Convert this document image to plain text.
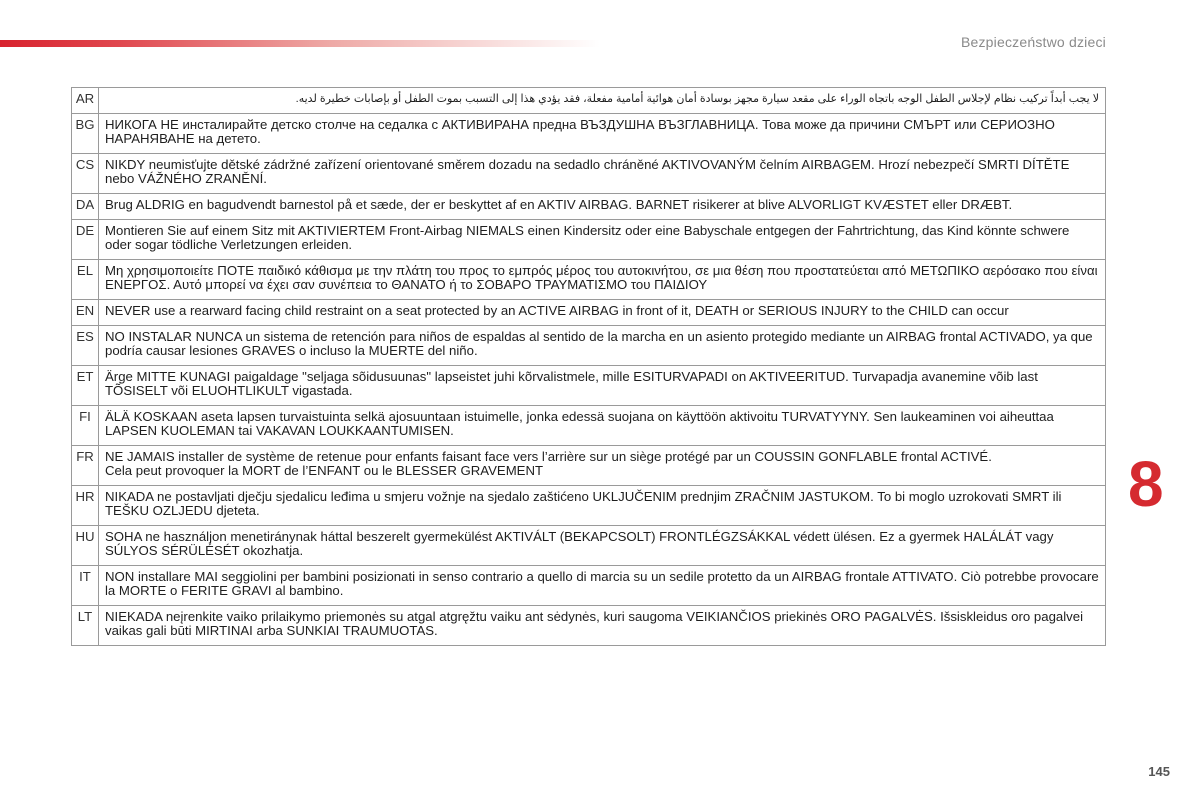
Bezpieczeństwo dzieci
AR	لا يجب أبداً تركيب نظام لإجلاس الطفل الوجه باتجاه الوراء على مقعد سيارة مجهز بوسادة أمان هوائية أمامية مفعلة، فقد يؤدي هذا إلى التسبب بموت الطفل أو بإصابات خطيرة لديه.
BG	НИКОГА НЕ инсталирайте детско столче на седалка с АКТИВИРАНА предна ВЪЗДУШНА ВЪЗГЛАВНИЦА. Това може да причини СМЪРТ или СЕРИОЗНО НАРАНЯВАНЕ на детето.
CS	NIKDY neumisťujte dětské zádržné zařízení orientované směrem dozadu na sedadlo chráněné AKTIVOVANÝM čelním AIRBAGEM. Hrozí nebezpečí SMRTI DÍTĚTE nebo VÁŽNÉHO ZRANĚNÍ.
DA	Brug ALDRIG en bagudvendt barnestol på et sæde, der er beskyttet af en AKTIV AIRBAG. BARNET risikerer at blive ALVORLIGT KVÆSTET eller DRÆBT.
DE	Montieren Sie auf einem Sitz mit AKTIVIERTEM Front-Airbag NIEMALS einen Kindersitz oder eine Babyschale entgegen der Fahrtrichtung, das Kind könnte schwere oder sogar tödliche Verletzungen erleiden.
EL	Μη χρησιμοποιείτε ΠΟΤΕ παιδικό κάθισμα με την πλάτη του προς το εμπρός μέρος του αυτοκινήτου, σε μια θέση που προστατεύεται από ΜΕΤΩΠΙΚΟ αερόσακο που είναι ΕΝΕΡΓΟΣ. Αυτό μπορεί να έχει σαν συνέπεια το ΘΑΝΑΤΟ ή το ΣΟΒΑΡΟ ΤΡΑΥΜΑΤΙΣΜΟ του ΠΑΙΔΙΟΥ
EN	NEVER use a rearward facing child restraint on a seat protected by an ACTIVE AIRBAG in front of it, DEATH or SERIOUS INJURY to the CHILD can occur
ES	NO INSTALAR NUNCA un sistema de retención para niños de espaldas al sentido de la marcha en un asiento protegido mediante un AIRBAG frontal ACTIVADO, ya que podría causar lesiones GRAVES o incluso la MUERTE del niño.
ET	Ärge MITTE KUNAGI paigaldage "seljaga sõidusuunas" lapseistet juhi kõrvalistmele, mille ESITURVAPADI on AKTIVEERITUD. Turvapadja avanemine võib last TÕSISELT või ELUOHTLIKULT vigastada.
FI	ÄLÄ KOSKAAN aseta lapsen turvaistuinta selkä ajosuuntaan istuimelle, jonka edessä suojana on käyttöön aktivoitu TURVATYYNY. Sen laukeaminen voi aiheuttaa LAPSEN KUOLEMAN tai VAKAVAN LOUKKAANTUMISEN.
FR	NE JAMAIS installer de système de retenue pour enfants faisant face vers l’arrière sur un siège protégé par un COUSSIN GONFLABLE frontal ACTIVÉ.
Cela peut provoquer la MORT de l’ENFANT ou le BLESSER GRAVEMENT

HR	NIKADA ne postavljati dječju sjedalicu leđima u smjeru vožnje na sjedalo zaštićeno UKLJUČENIM prednjim ZRAČNIM JASTUKOM. To bi moglo uzrokovati SMRT ili TEŠKU OZLJEDU djeteta.
HU	SOHA ne használjon menetiránynak háttal beszerelt gyermekülést AKTIVÁLT (BEKAPCSOLT) FRONTLÉGZSÁKKAL védett ülésen. Ez a gyermek HALÁLÁT vagy SÚLYOS SÉRÜLÉSÉT okozhatja.
IT	NON installare MAI seggiolini per bambini posizionati in senso contrario a quello di marcia su un sedile protetto da un AIRBAG frontale ATTIVATO. Ciò potrebbe provocare la MORTE o FERITE GRAVI al bambino.
LT	NIEKADA neįrenkite vaiko prilaikymo priemonės su atgal atgręžtu vaiku ant sėdynės, kuri saugoma VEIKIANČIOS priekinės ORO PAGALVĖS. Išsiskleidus oro pagalvei vaikas gali būti MIRTINAI arba SUNKIAI TRAUMUOTAS.
8
145
